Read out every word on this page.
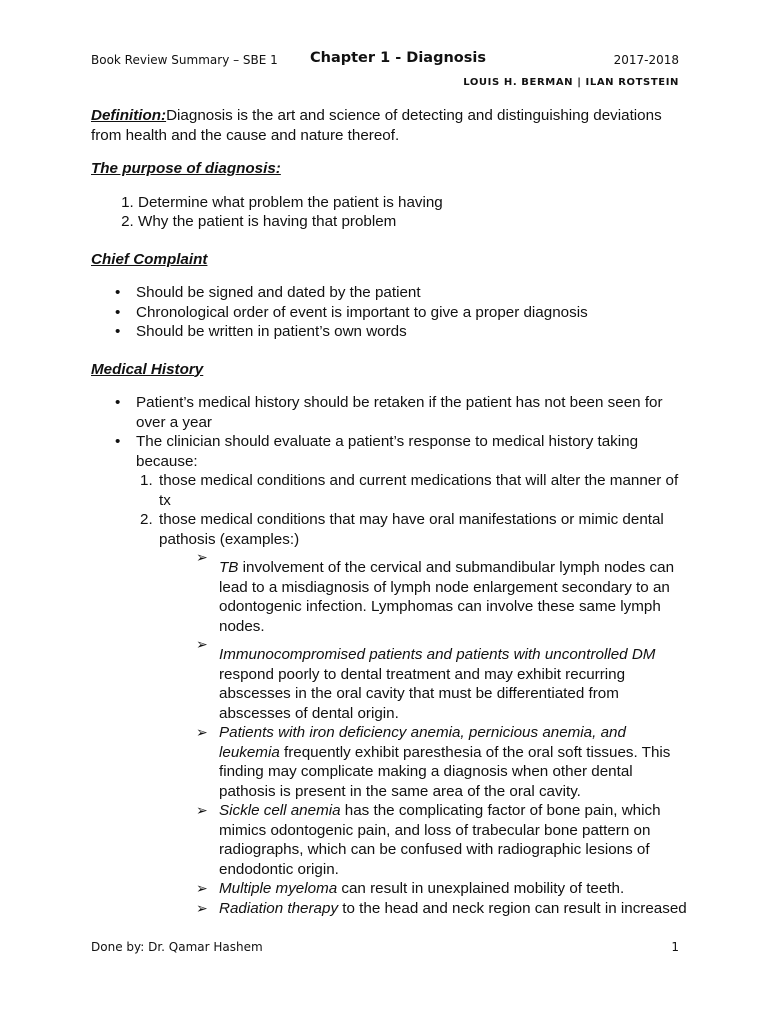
Book Review Summary – SBE 1 Chapter 1 - Diagnosis	2017-2018
LOUIS H. BERMAN | ILAN ROTSTEIN

Definition:Diagnosis is the art and science of detecting and distinguishing deviations from health and the cause and nature thereof.

The purpose of diagnosis:

1. Determine what problem the patient is having
2. Why the patient is having that problem

Chief Complaint

• Should be signed and dated by the patient
• Chronological order of event is important to give a proper diagnosis
• Should be written in patient’s own words

Medical History

• Patient’s medical history should be retaken if the patient has not been seen for over a year
• The clinician should evaluate a patient’s response to medical history taking because:
1. those medical conditions and current medications that will alter the manner of tx
2. those medical conditions that may have oral manifestations or mimic dental pathosis (examples:)
➢
TB involvement of the cervical and submandibular lymph nodes can lead to a misdiagnosis of lymph node enlargement secondary to an odontogenic infection. Lymphomas can involve these same lymph nodes.
➢
Immunocompromised patients and patients with uncontrolled DM respond poorly to dental treatment and may exhibit recurring abscesses in the oral cavity that must be differentiated from abscesses of dental origin.
➢ Patients with iron deficiency anemia, pernicious anemia, and leukemia frequently exhibit paresthesia of the oral soft tissues. This finding may complicate making a diagnosis when other dental pathosis is present in the same area of the oral cavity.
➢ Sickle cell anemia has the complicating factor of bone pain, which mimics odontogenic pain, and loss of trabecular bone pattern on radiographs, which can be confused with radiographic lesions of endodontic origin.
➢ Multiple myeloma can result in unexplained mobility of teeth.
➢ Radiation therapy to the head and neck region can result in increased
Done by: Dr. Qamar Hashem	1
